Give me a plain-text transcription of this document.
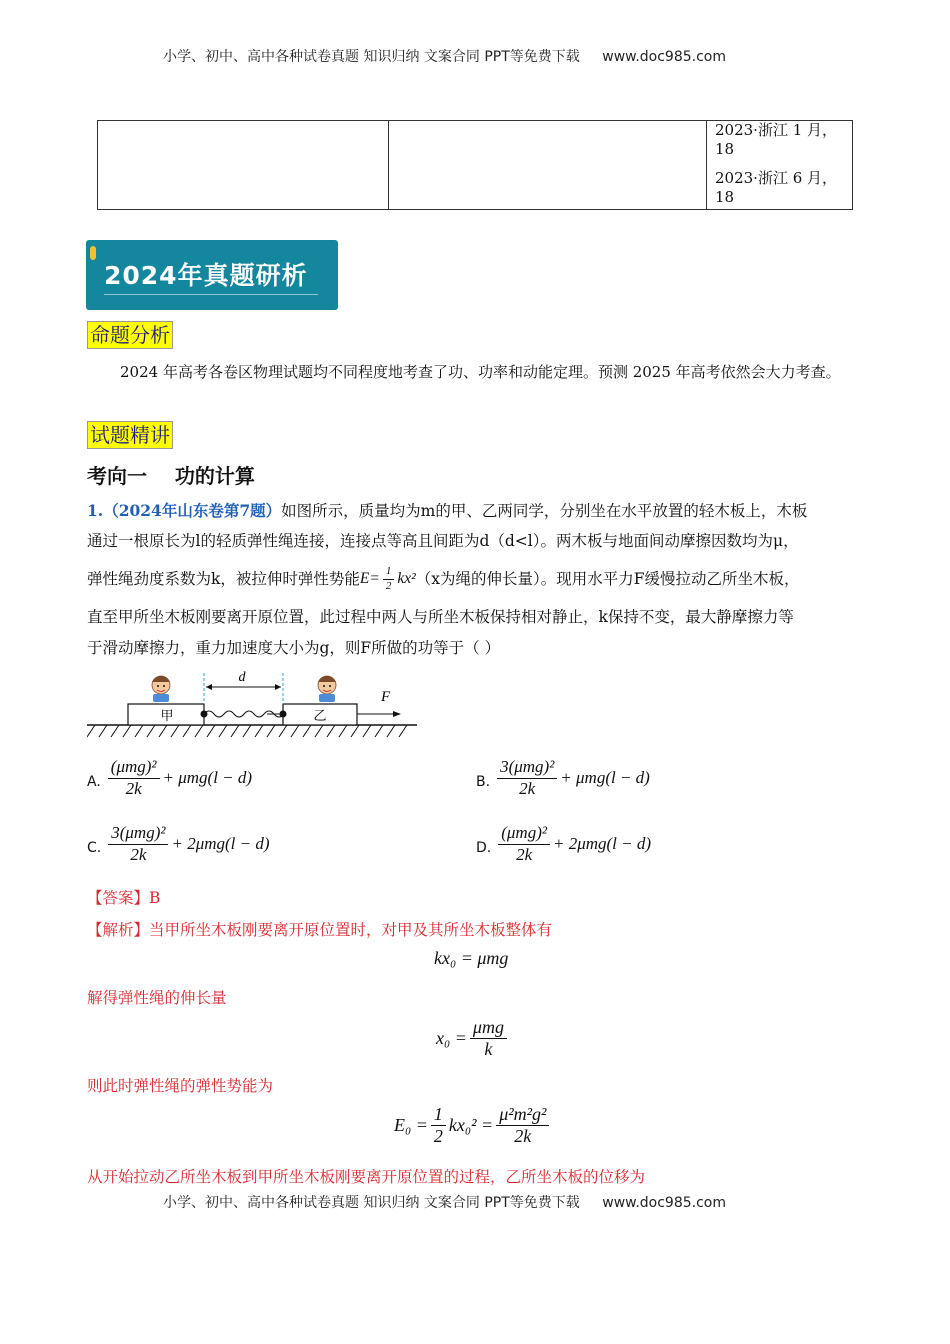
小学、初中、高中各种试卷真题 知识归纳 文案合同 PPT等免费下载 www.doc985.com

2023·浙江 1 月，18
2023·浙江 6 月，18
2024年真题研析
命题分析
2024 年高考各卷区物理试题均不同程度地考查了功、功率和动能定理。预测 2025 年高考依然会大力考查。
试题精讲
考向一    功的计算
1.（2024年山东卷第7题）如图所示，质量均为m的甲、乙两同学，分别坐在水平放置的轻木板上，木板
通过一根原长为l的轻质弹性绳连接，连接点等高且间距为d（d<l）。两木板与地面间动摩擦因数均为μ，
弹性绳劲度系数为k，被拉伸时弹性势能 $E= \frac{1}{2} kx^2$ （x为绳的伸长量）。现用水平力F缓慢拉动乙所坐木板，
直至甲所坐木板刚要离开原位置，此过程中两人与所坐木板保持相对静止，k保持不变，最大静摩擦力等
于滑动摩擦力，重力加速度大小为g，则F所做的功等于（ ）
甲	乙
d
F
A. $\frac{\text{(μmg)²}}{2k} + \mu mg(l - d)$	B. $\frac{\text{3(μmg)²}}{2k} + \mu mg(l - d)$
C. $\frac{\text{3(μmg)²}}{2k} + 2\mu mg(l - d)$	D. $\frac{\text{(μmg)²}}{2k} + 2\mu mg(l - d)$
【答案】B
【解析】当甲所坐木板刚要离开原位置时，对甲及其所坐木板整体有
kx₀ = μmg
解得弹性绳的伸长量
$x_0 = \frac{\text{μmg}}{k}$
则此时弹性绳的弹性势能为
$E_0 = \frac{1}{2} kx_0^2 = \frac{\text{μ²m²g²}}{2k}$
从开始拉动乙所坐木板到甲所坐木板刚要离开原位置的过程，乙所坐木板的位移为
小学、初中、高中各种试卷真题 知识归纳 文案合同 PPT等免费下载 www.doc985.com
